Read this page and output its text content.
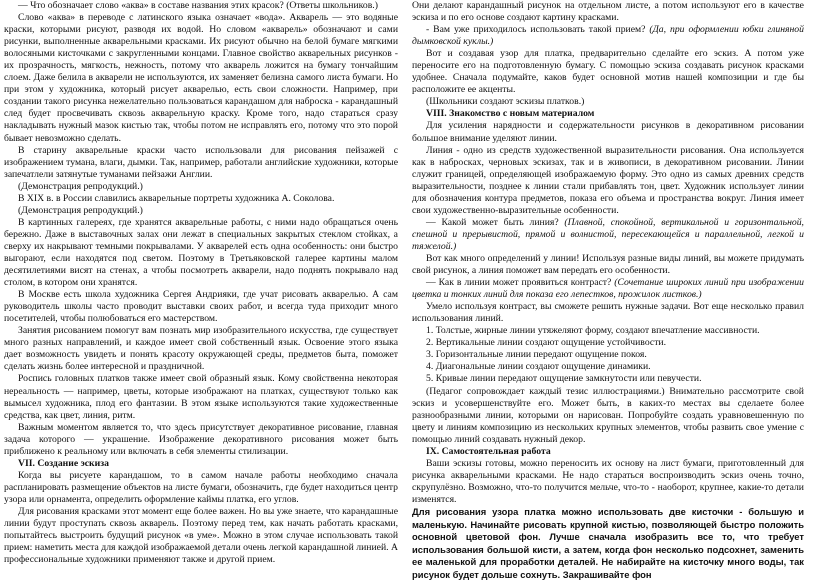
— Что обозначает слово «аква» в составе названия этих красок? (Ответы школьников.)

Слово «аква» в переводе с латинского языка означает «вода». Акварель — это водяные краски, которыми рисуют, разводя их водой. Но словом «акварель» обозначают и сами рисунки, выполненные акварельными красками. Их рисуют обычно на белой бумаге мягкими волосяными кисточками с закругленными концами. Главное свойство акварельных рисунков - их прозрачность, мягкость, нежность, потому что акварель ложится на бумагу тончайшим слоем. Даже белила в акварели не используются, их заменяет белизна самого листа бумаги. Но при этом у художника, который рисует акварелью, есть свои сложности. Например, при создании такого рисунка нежелательно пользоваться карандашом для наброска - карандашный след будет просвечивать сквозь акварельную краску. Кроме того, надо стараться сразу накладывать нужный мазок кистью так, чтобы потом не исправлять его, потому что это порой бывает невозможно сделать.

В старину акварельные краски часто использовали для рисования пейзажей с изображением тумана, влаги, дымки. Так, например, работали английские художники, которые запечатлели затянутые туманами пейзажи Англии.

(Демонстрация репродукций.)

В XIX в. в России славились акварельные портреты художника А. Соколова.

(Демонстрация репродукций.)

В картинных галереях, где хранятся акварельные работы, с ними надо обращаться очень бережно. Даже в выставочных залах они лежат в специальных закрытых стеклом стойках, а сверху их накрывают темными покрывалами. У акварелей есть одна особенность: они быстро выгорают, если находятся под светом. Поэтому в Третьяковской галерее картины малом десятилетиями висят на стенах, а чтобы посмотреть акварели, надо поднять покрывало над столом, в котором они хранятся.

В Москве есть школа художника Сергея Андрияки, где учат рисовать акварелью. А сам руководитель школы часто проводит выставки своих работ, и всегда туда приходит много посетителей, чтобы полюбоваться его мастерством.

Занятия рисованием помогут вам познать мир изобразительного искусства, где существует много разных направлений, и каждое имеет свой собственный язык. Освоение этого языка дает возможность увидеть и понять красоту окружающей среды, предметов быта, поможет сделать жизнь более интересной и праздничной.

Роспись головных платков также имеет свой образный язык. Кому свойственна некоторая нереальность — например, цветы, которые изображают на платках, существуют только как вымысел художника, плод его фантазии. В этом языке используются такие художественные средства, как цвет, линия, ритм.

Важным моментом является то, что здесь присутствует декоративное рисование, главная задача которого — украшение. Изображение декоративного рисования может быть приближено к реальному или включать в себя элементы стилизации.

VII. Создание эскиза

Когда вы рисуете карандашом, то в самом начале работы необходимо сначала распланировать размещение объектов на листе бумаги, обозначить, где будет находиться центр узора или орнамента, определить оформление каймы платка, его углов.

Для рисования красками этот момент еще более важен. Но вы уже знаете, что карандашные линии будут проступать сквозь акварель. Поэтому перед тем, как начать работать красками, попытайтесь выстроить будущий рисунок «в уме». Можно в этом случае использовать такой прием: наметить места для каждой изображаемой детали очень легкой карандашной линией. А профессиональные художники применяют также и другой прием.

Они делают карандашный рисунок на отдельном листе, а потом используют его в качестве эскиза и по его основе создают картину красками.

- Вам уже приходилось использовать такой прием? (Да, при оформлении юбки глиняной дымковской куклы.)

Вот и создавая узор для платка, предварительно сделайте его эскиз. А потом уже переносите его на подготовленную бумагу. С помощью эскиза создавать рисунок красками удобнее. Сначала подумайте, каков будет основной мотив нашей композиции и где бы расположите ее акценты.

(Школьники создают эскизы платков.)

VIII. Знакомство с новым материалом

Для усиления нарядности и содержательности рисунков в декоративном рисовании большое внимание уделяют линии.

Линия - одно из средств художественной выразительности рисования. Она используется как в набросках, черновых эскизах, так и в живописи, в декоративном рисовании. Линии служит границей, определяющей изображаемую форму. Это одно из самых древних средств выразительности, позднее к линии стали прибавлять тон, цвет. Художник использует линии для обозначения контура предметов, показа его объема и пространства вокруг. Линия имеет свои художественно-выразительные особенности.

— Какой может быть линия? (Плавной, спокойной, вертикальной и горизонтальной, спешной и прерывистой, прямой и волнистой, пересекающейся и параллельной, легкой и тяжелой.)

Вот как много определений у линии! Используя разные виды линий, вы можете придумать свой рисунок, а линия поможет вам передать его особенности.

— Как в линии может проявиться контраст? (Сочетание широких линий при изображении цветка и тонких линий для показа его лепестков, прожилок листков.)

Умело используя контраст, вы сможете решить нужные задачи. Вот еще несколько правил использования линий.

1. Толстые, жирные линии утяжеляют форму, создают впечатление массивности.

2. Вертикальные линии создают ощущение устойчивости.

3. Горизонтальные линии передают ощущение покоя.

4. Диагональные линии создают ощущение динамики.

5. Кривые линии передают ощущение замкнутости или певучести.

(Педагог сопровождает каждый тезис иллюстрациями.) Внимательно рассмотрите свой эскиз и усовершенствуйте его. Может быть, в каких-то местах вы сделаете более разнообразными линии, которыми он нарисован. Попробуйте создать уравновешенную по цвету и линиям композицию из нескольких крупных элементов, чтобы развить свое умение с помощью линий создавать нужный декор.

IX. Самостоятельная работа

Ваши эскизы готовы, можно переносить их основу на лист бумаги, приготовленный для рисунка акварельными красками. Не надо стараться воспроизводить эскиз очень точно, скрупулёзно. Возможно, что-то получится мельче, что-то - наоборот, крупнее, какие-то детали изменятся.

Для рисования узора платка можно использовать две кисточки - большую и маленькую. Начинайте рисовать крупной кистью, позволяющей быстро положить основной цветовой фон. Лучше сначала изобразить все то, что требует использования большой кисти, а затем, когда фон несколько подсохнет, заменить ее маленькой для проработки деталей. Не набирайте на кисточку много воды, так рисунок будет дольше сохнуть. Закрашивайте фон
